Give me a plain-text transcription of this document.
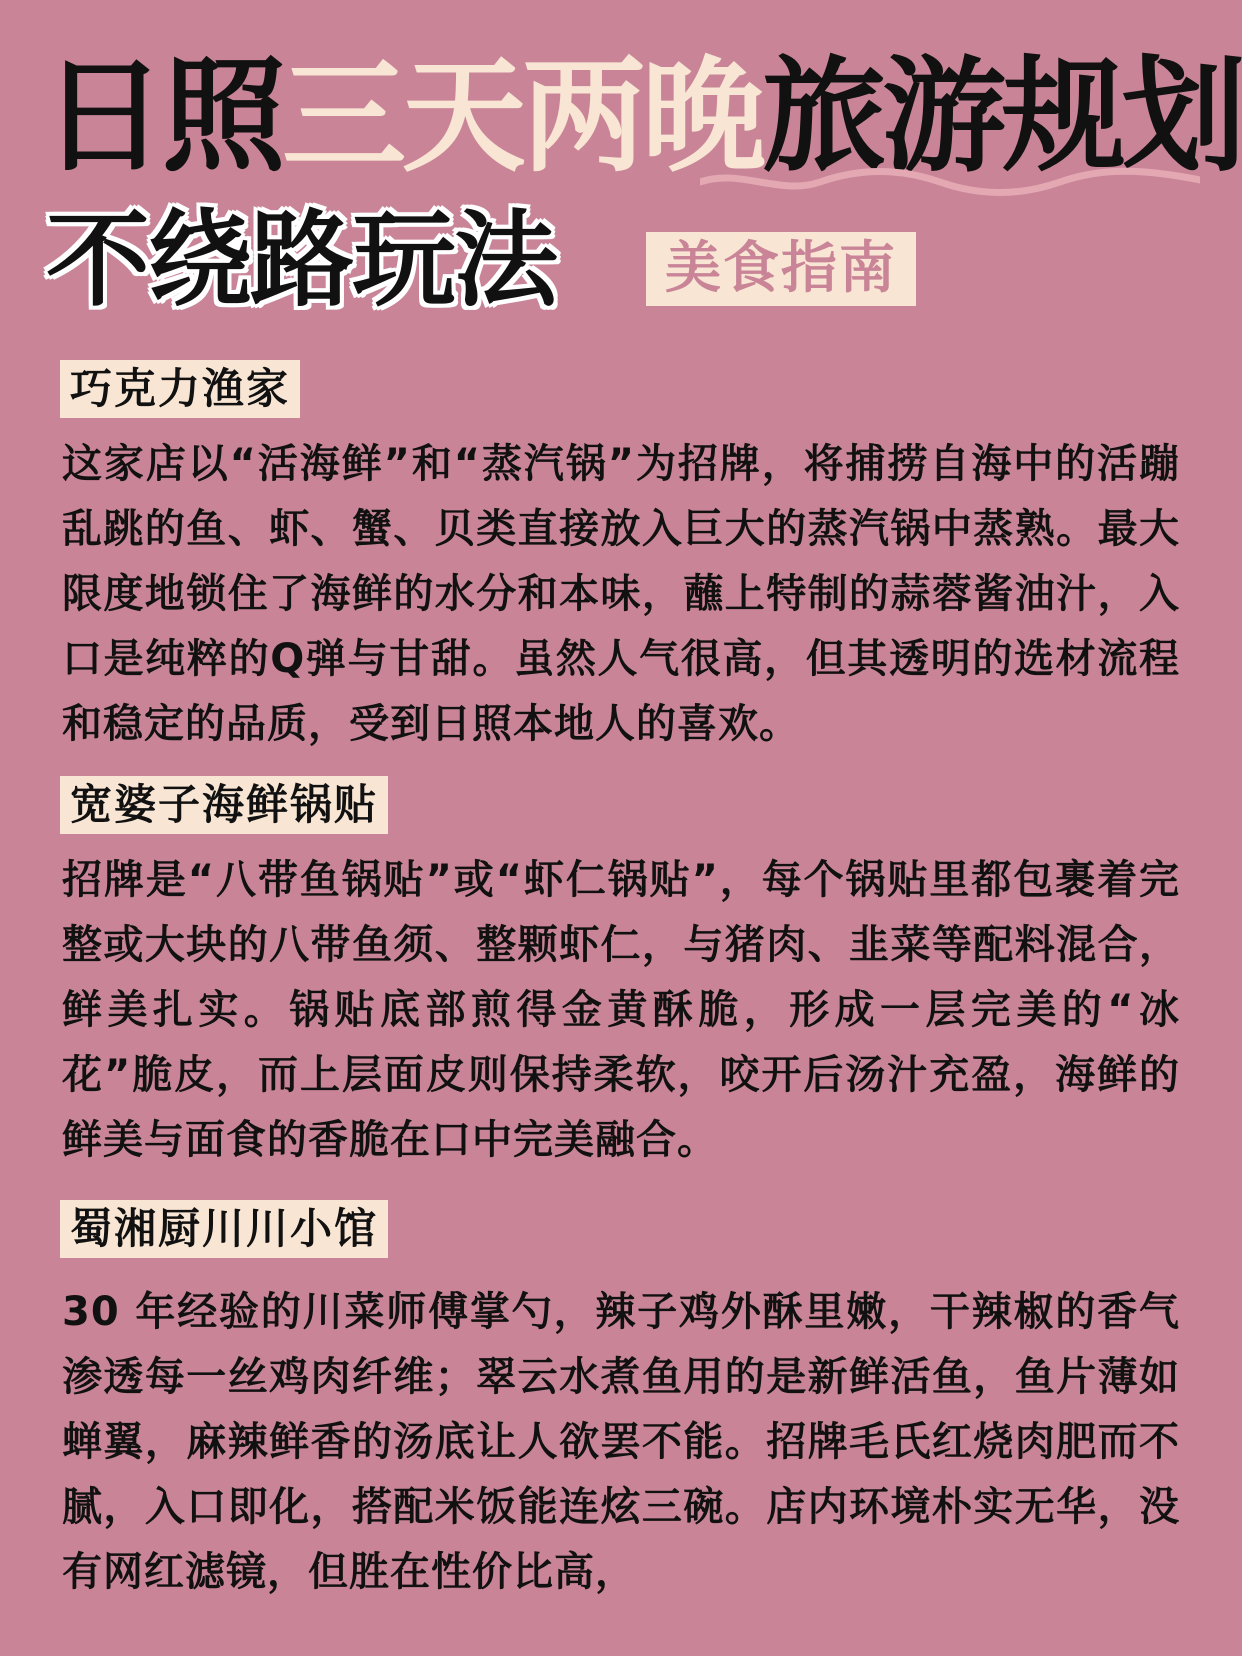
日照三天两晚旅游规划
不绕路玩法	美食指南
巧克力渔家
这家店以“活海鲜”和“蒸汽锅”为招牌，将捕捞自海中的活蹦乱跳的鱼、虾、蟹、贝类直接放入巨大的蒸汽锅中蒸熟。最大限度地锁住了海鲜的水分和本味，蘸上特制的蒜蓉酱油汁，入口是纯粹的Q弹与甘甜。虽然人气很高，但其透明的选材流程和稳定的品质，受到日照本地人的喜欢。
宽婆子海鲜锅贴
招牌是“八带鱼锅贴”或“虾仁锅贴”，每个锅贴里都包裹着完整或大块的八带鱼须、整颗虾仁，与猪肉、韭菜等配料混合，鲜美扎实。锅贴底部煎得金黄酥脆，形成一层完美的“冰花”脆皮，而上层面皮则保持柔软，咬开后汤汁充盈，海鲜的鲜美与面食的香脆在口中完美融合。
蜀湘厨川川小馆
30 年经验的川菜师傅掌勺，辣子鸡外酥里嫩，干辣椒的香气渗透每一丝鸡肉纤维；翠云水煮鱼用的是新鲜活鱼，鱼片薄如蝉翼，麻辣鲜香的汤底让人欲罢不能。招牌毛氏红烧肉肥而不腻，入口即化，搭配米饭能连炫三碗。店内环境朴实无华，没有网红滤镜，但胜在性价比高，
